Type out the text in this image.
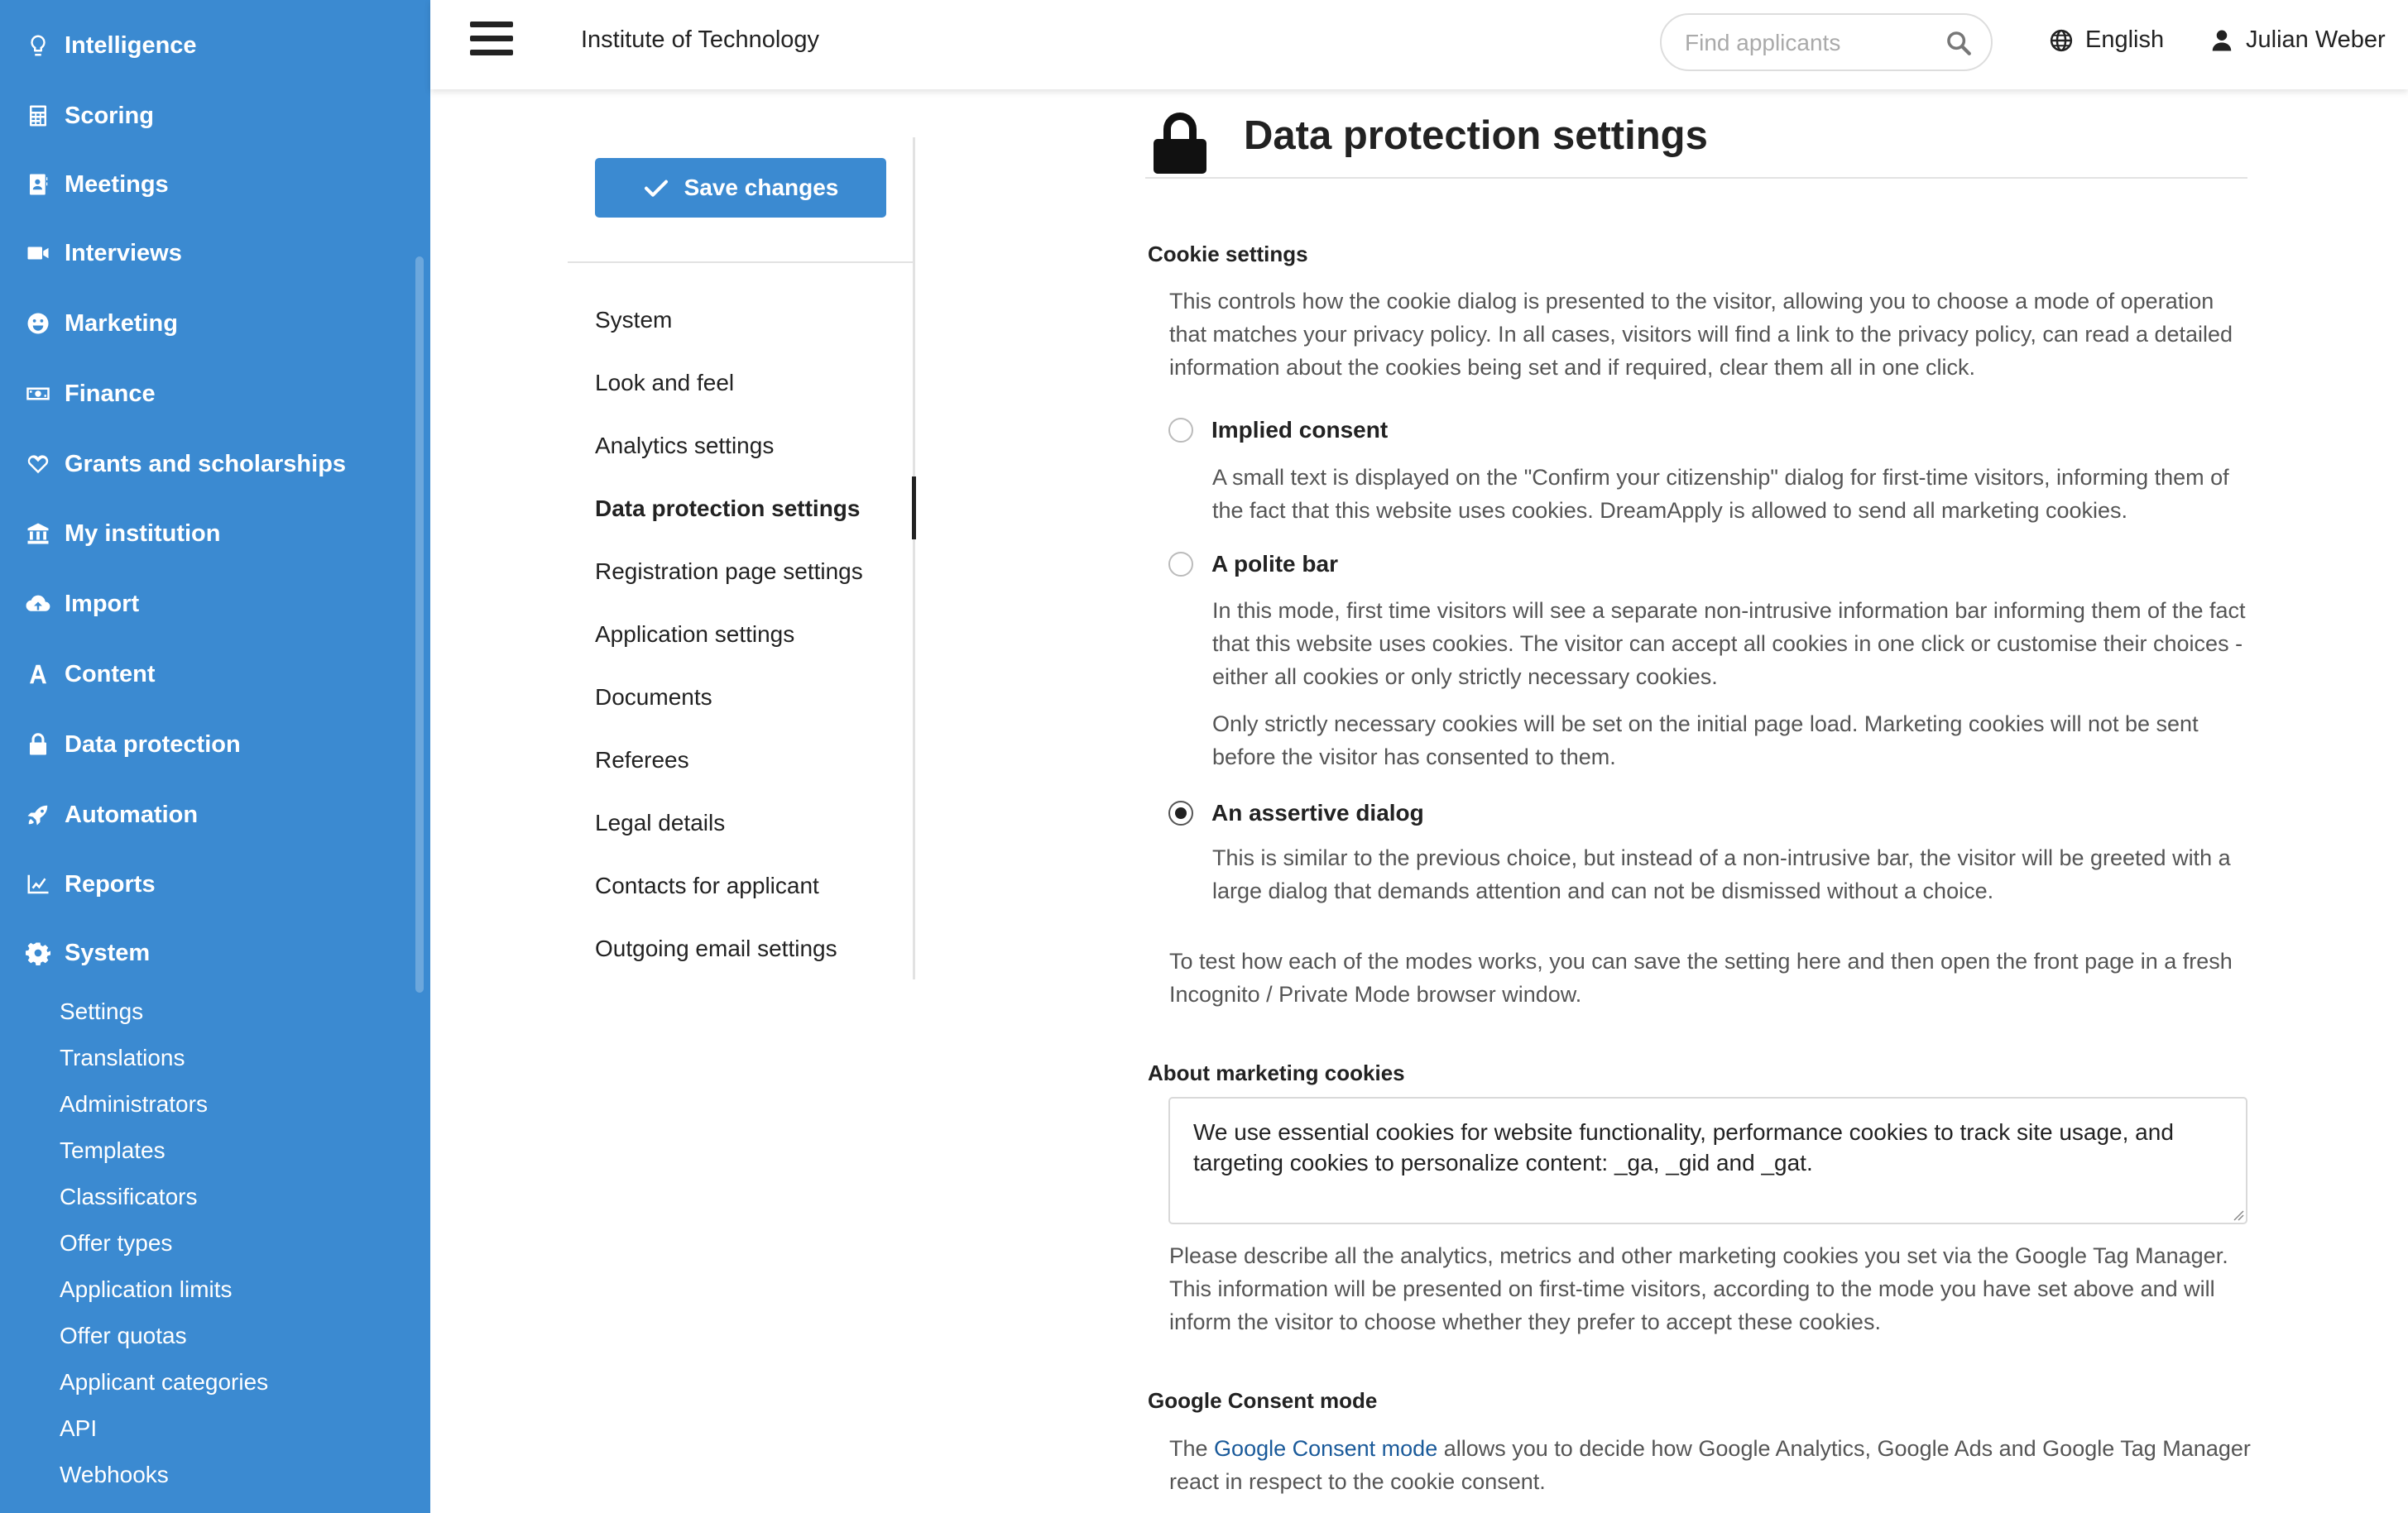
Intelligence
Scoring
Meetings
Interviews
Marketing
Finance
Grants and scholarships
My institution
Import
Content
Data protection
Automation
Reports
System
Settings
Translations
Administrators
Templates
Classificators
Offer types
Application limits
Offer quotas
Applicant categories
API
Webhooks
Institute of Technology
Find applicants	English	Julian Weber
Save changes
System
Look and feel
Analytics settings
Data protection settings
Registration page settings
Application settings
Documents
Referees
Legal details
Contacts for applicant
Outgoing email settings
Data protection settings
Cookie settings

This controls how the cookie dialog is presented to the visitor, allowing you to choose a mode of operation that matches your privacy policy. In all cases, visitors will find a link to the privacy policy, can read a detailed information about the cookies being set and if required, clear them all in one click.

Implied consent

A small text is displayed on the "Confirm your citizenship" dialog for first-time visitors, informing them of the fact that this website uses cookies. DreamApply is allowed to send all marketing cookies.

A polite bar

In this mode, first time visitors will see a separate non-intrusive information bar informing them of the fact that this website uses cookies. The visitor can accept all cookies in one click or customise their choices - either all cookies or only strictly necessary cookies.

Only strictly necessary cookies will be set on the initial page load. Marketing cookies will not be sent before the visitor has consented to them.

An assertive dialog

This is similar to the previous choice, but instead of a non-intrusive bar, the visitor will be greeted with a large dialog that demands attention and can not be dismissed without a choice.

To test how each of the modes works, you can save the setting here and then open the front page in a fresh Incognito / Private Mode browser window.

About marketing cookies
We use essential cookies for website functionality, performance cookies to track site usage, and targeting cookies to personalize content: _ga, _gid and _gat.

Please describe all the analytics, metrics and other marketing cookies you set via the Google Tag Manager. This information will be presented on first-time visitors, according to the mode you have set above and will inform the visitor to choose whether they prefer to accept these cookies.

Google Consent mode

The Google Consent mode allows you to decide how Google Analytics, Google Ads and Google Tag Manager react in respect to the cookie consent.
